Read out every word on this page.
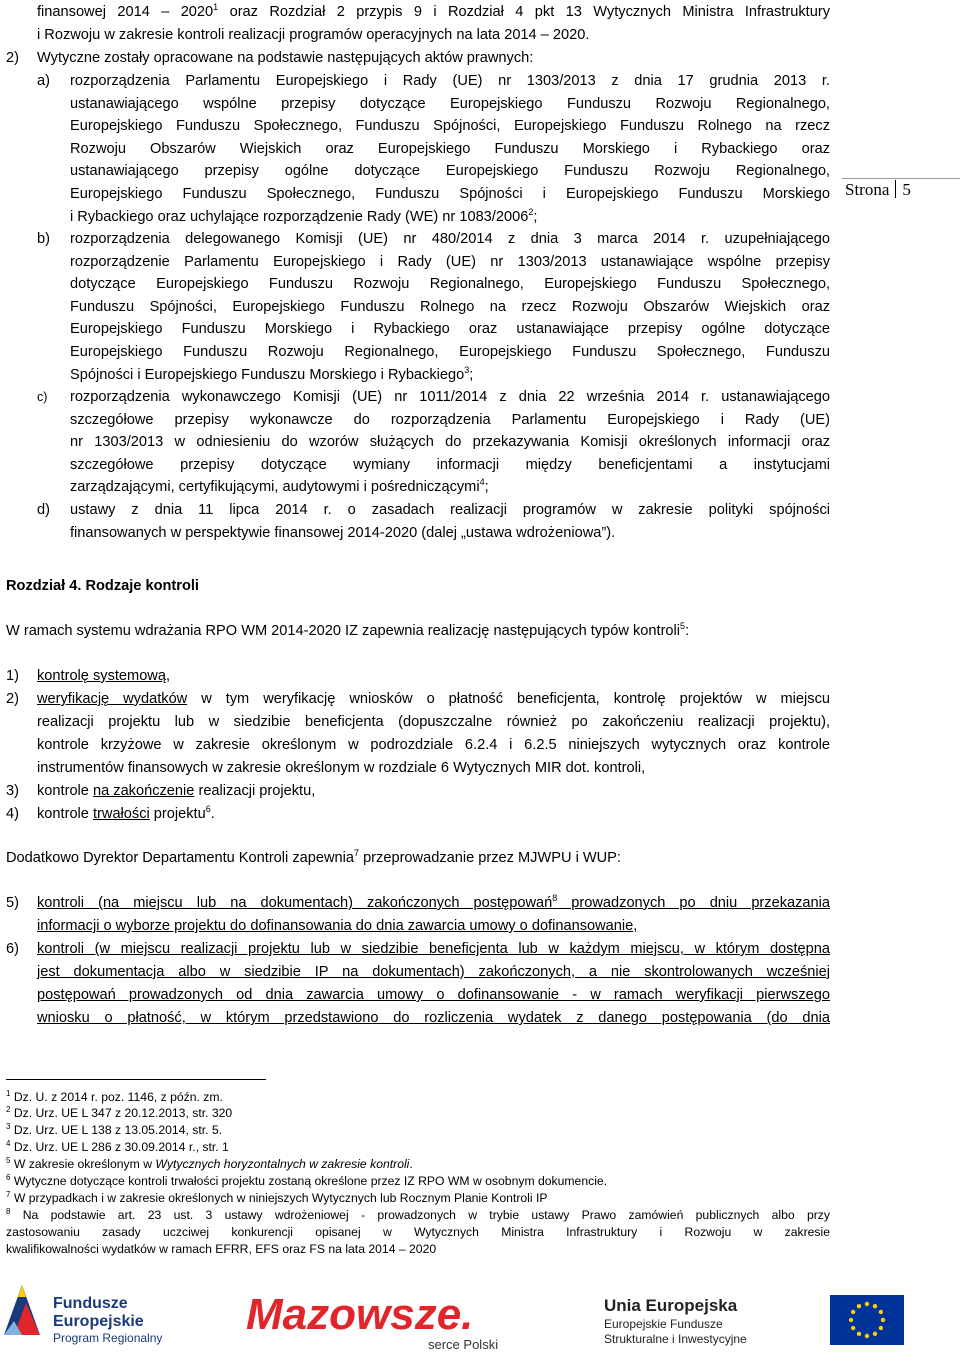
finansowej 2014 – 2020$^1$ oraz Rozdział 2 przypis 9 i Rozdział 4 pkt 13 Wytycznych Ministra Infrastruktury
i Rozwoju w zakresie kontroli realizacji programów operacyjnych na lata 2014 – 2020.
2) Wytyczne zostały opracowane na podstawie następujących aktów prawnych:
a) rozporządzenia Parlamentu Europejskiego i Rady (UE) nr 1303/2013 z dnia 17 grudnia 2013 r.
ustanawiającego wspólne przepisy dotyczące Europejskiego Funduszu Rozwoju Regionalnego,
Europejskiego Funduszu Społecznego, Funduszu Spójności, Europejskiego Funduszu Rolnego na rzecz
Rozwoju Obszarów Wiejskich oraz Europejskiego Funduszu Morskiego i Rybackiego oraz
ustanawiającego przepisy ogólne dotyczące Europejskiego Funduszu Rozwoju Regionalnego,
Europejskiego Funduszu Społecznego, Funduszu Spójności i Europejskiego Funduszu Morskiego
i Rybackiego oraz uchylające rozporządzenie Rady (WE) nr 1083/2006$^2$;
b) rozporządzenia delegowanego Komisji (UE) nr 480/2014 z dnia 3 marca 2014 r. uzupełniającego
rozporządzenie Parlamentu Europejskiego i Rady (UE) nr 1303/2013 ustanawiające wspólne przepisy
dotyczące Europejskiego Funduszu Rozwoju Regionalnego, Europejskiego Funduszu Społecznego,
Funduszu Spójności, Europejskiego Funduszu Rolnego na rzecz Rozwoju Obszarów Wiejskich oraz
Europejskiego Funduszu Morskiego i Rybackiego oraz ustanawiające przepisy ogólne dotyczące
Europejskiego Funduszu Rozwoju Regionalnego, Europejskiego Funduszu Społecznego, Funduszu
Spójności i Europejskiego Funduszu Morskiego i Rybackiego$^3$;
c) rozporządzenia wykonawczego Komisji (UE) nr 1011/2014 z dnia 22 września 2014 r. ustanawiającego
szczegółowe przepisy wykonawcze do rozporządzenia Parlamentu Europejskiego i Rady (UE)
nr 1303/2013 w odniesieniu do wzorów służących do przekazywania Komisji określonych informacji oraz
szczegółowe przepisy dotyczące wymiany informacji między beneficjentami a instytucjami
zarządzającymi, certyfikującymi, audytowymi i pośredniczącymi$^4$;
d) ustawy z dnia 11 lipca 2014 r. o zasadach realizacji programów w zakresie polityki spójności
finansowanych w perspektywie finansowej 2014-2020 (dalej „ustawa wdrożeniowa”).
Rozdział 4. Rodzaje kontroli
W ramach systemu wdrażania RPO WM 2014-2020 IZ zapewnia realizację następujących typów kontroli$^5$:
1) kontrolę systemową,
2) weryfikację wydatków w tym weryfikację wniosków o płatność beneficjenta, kontrolę projektów w miejscu
realizacji projektu lub w siedzibie beneficjenta (dopuszczalne również po zakończeniu realizacji projektu),
kontrole krzyżowe w zakresie określonym w podrozdziale 6.2.4 i 6.2.5 niniejszych wytycznych oraz kontrole
instrumentów finansowych w zakresie określonym w rozdziale 6 Wytycznych MIR dot. kontroli,
3) kontrole na zakończenie realizacji projektu,
4) kontrole trwałości projektu$^6$.
Dodatkowo Dyrektor Departamentu Kontroli zapewnia$^7$ przeprowadzanie przez MJWPU i WUP:
5) kontroli (na miejscu lub na dokumentach) zakończonych postępowań$^8$ prowadzonych po dniu przekazania
informacji o wyborze projektu do dofinansowania do dnia zawarcia umowy o dofinansowanie,
6) kontroli (w miejscu realizacji projektu lub w siedzibie beneficjenta lub w każdym miejscu, w którym dostępna
jest dokumentacja albo w siedzibie IP na dokumentach) zakończonych, a nie skontrolowanych wcześniej
postępowań prowadzonych od dnia zawarcia umowy o dofinansowanie - w ramach weryfikacji pierwszego
wniosku o płatność, w którym przedstawiono do rozliczenia wydatek z danego postępowania (do dnia
$^1$ Dz. U. z 2014 r. poz. 1146, z późn. zm.
$^2$ Dz. Urz. UE L 347 z 20.12.2013, str. 320
$^3$ Dz. Urz. UE L 138 z 13.05.2014, str. 5.
$^4$ Dz. Urz. UE L 286 z 30.09.2014 r., str. 1
$^5$ W zakresie określonym w Wytycznych horyzontalnych w zakresie kontroli.
$^6$ Wytyczne dotyczące kontroli trwałości projektu zostaną określone przez IZ RPO WM w osobnym dokumencie.
$^7$ W przypadkach i w zakresie określonych w niniejszych Wytycznych lub Rocznym Planie Kontroli IP
$^8$ Na podstawie art. 23 ust. 3 ustawy wdrożeniowej - prowadzonych w trybie ustawy Prawo zamówień publicznych albo przy
zastosowaniu zasady uczciwej konkurencji opisanej w Wytycznych Ministra Infrastruktury i Rozwoju w zakresie
kwalifikowalności wydatków w ramach EFRR, EFS oraz FS na lata 2014 – 2020
Strona 5
Fundusze
Europejskie
Program Regionalny Mazowsze.
serce Polski
Unia Europejska
Europejskie Fundusze
Strukturalne i Inwestycyjne
